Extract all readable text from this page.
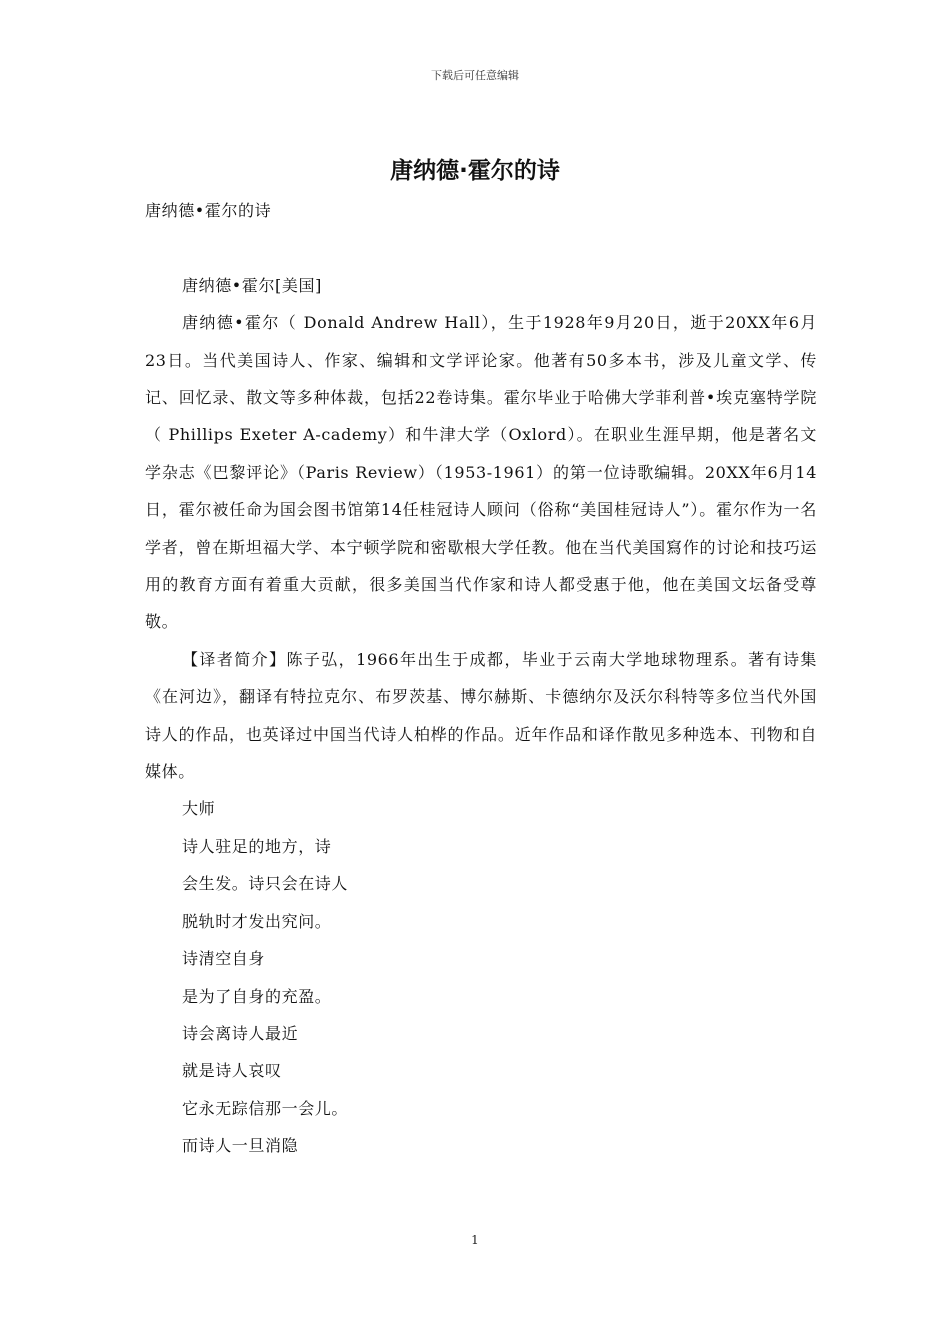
下载后可任意编辑
唐纳德·霍尔的诗

唐纳德•霍尔的诗

唐纳德•霍尔[美国]

唐纳德•霍尔（ Donald Andrew Hall），生于1928年9月20日，逝于20XX年6月23日。当代美国诗人、作家、编辑和文学评论家。他著有50多本书，涉及儿童文学、传记、回忆录、散文等多种体裁，包括22卷诗集。霍尔毕业于哈佛大学菲利普•埃克塞特学院（ Phillips Exeter A-cademy）和牛津大学（Oxlord）。在职业生涯早期，他是著名文学杂志《巴黎评论》（Paris Review）（1953-1961）的第一位诗歌编辑。20XX年6月14日，霍尔被任命为国会图书馆第14任桂冠诗人顾问（俗称“美国桂冠诗人”）。霍尔作为一名学者，曾在斯坦福大学、本宁顿学院和密歇根大学任教。他在当代美国寫作的讨论和技巧运用的教育方面有着重大贡献，很多美国当代作家和诗人都受惠于他，他在美国文坛备受尊敬。

【译者简介】陈子弘，1966年出生于成都，毕业于云南大学地球物理系。著有诗集《在河边》，翻译有特拉克尔、布罗茨基、博尔赫斯、卡德纳尔及沃尔科特等多位当代外国诗人的作品，也英译过中国当代诗人柏桦的作品。近年作品和译作散见多种选本、刊物和自媒体。

大师

诗人驻足的地方，诗

会生发。诗只会在诗人

脱轨时才发出究问。

诗清空自身

是为了自身的充盈。

诗会离诗人最近

就是诗人哀叹

它永无踪信那一会儿。

而诗人一旦消隐

1
